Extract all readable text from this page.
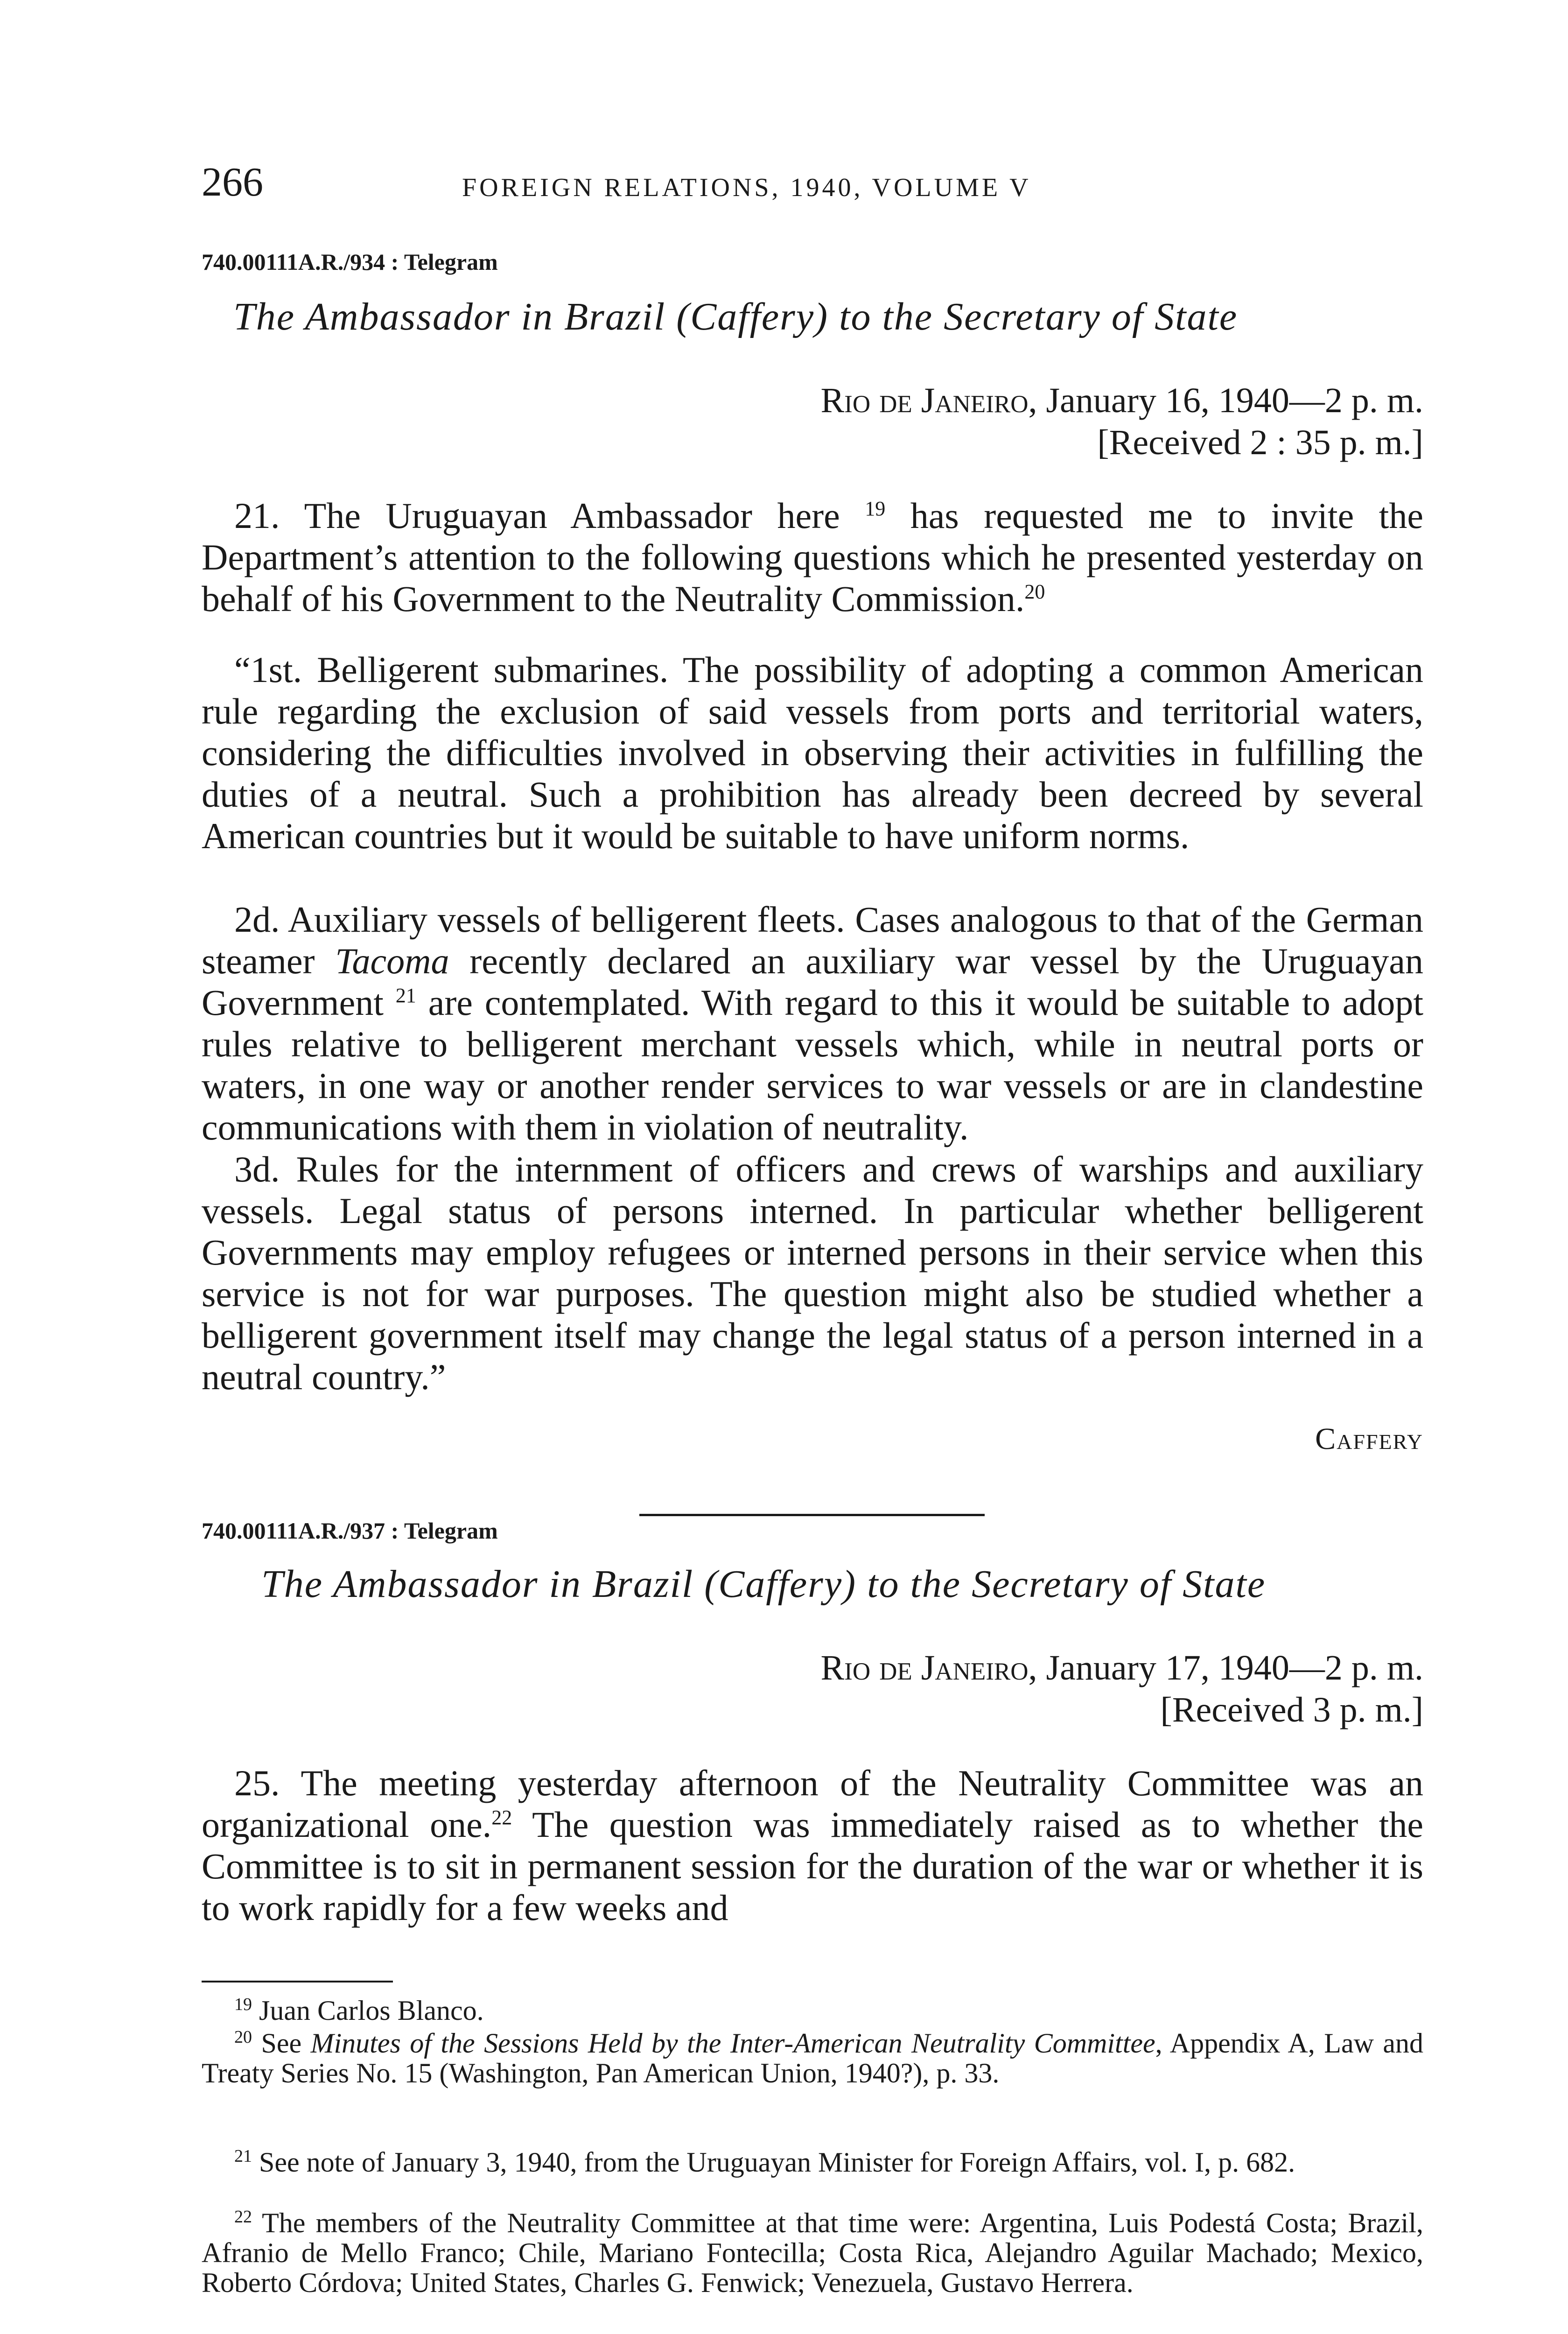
266	FOREIGN RELATIONS, 1940, VOLUME V
740.00111A.R./934 : Telegram
The Ambassador in Brazil (Caffery) to the Secretary of State
Rio de Janeiro, January 16, 1940—2 p. m.
[Received 2 : 35 p. m.]
21. The Uruguayan Ambassador here $^{19}$ has requested me to invite the Department’s attention to the following questions which he presented yesterday on behalf of his Government to the Neutrality Commission.$^{20}$
“1st. Belligerent submarines. The possibility of adopting a common American rule regarding the exclusion of said vessels from ports and territorial waters, considering the difficulties involved in observing their activities in fulfilling the duties of a neutral. Such a prohibition has already been decreed by several American countries but it would be suitable to have uniform norms.
2d. Auxiliary vessels of belligerent fleets. Cases analogous to that of the German steamer Tacoma recently declared an auxiliary war vessel by the Uruguayan Government $^{21}$ are contemplated. With regard to this it would be suitable to adopt rules relative to belligerent merchant vessels which, while in neutral ports or waters, in one way or another render services to war vessels or are in clandestine communications with them in violation of neutrality.
3d. Rules for the internment of officers and crews of warships and auxiliary vessels. Legal status of persons interned. In particular whether belligerent Governments may employ refugees or interned persons in their service when this service is not for war purposes. The question might also be studied whether a belligerent government itself may change the legal status of a person interned in a neutral country.”
Caffery
740.00111A.R./937 : Telegram
The Ambassador in Brazil (Caffery) to the Secretary of State
Rio de Janeiro, January 17, 1940—2 p. m.
[Received 3 p. m.]
25. The meeting yesterday afternoon of the Neutrality Committee was an organizational one.$^{22}$ The question was immediately raised as to whether the Committee is to sit in permanent session for the duration of the war or whether it is to work rapidly for a few weeks and
$^{19}$ Juan Carlos Blanco.
$^{20}$ See Minutes of the Sessions Held by the Inter-American Neutrality Committee, Appendix A, Law and Treaty Series No. 15 (Washington, Pan American Union, 1940?), p. 33.
$^{21}$ See note of January 3, 1940, from the Uruguayan Minister for Foreign Affairs, vol. I, p. 682.
$^{22}$ The members of the Neutrality Committee at that time were: Argentina, Luis Podestá Costa; Brazil, Afranio de Mello Franco; Chile, Mariano Fontecilla; Costa Rica, Alejandro Aguilar Machado; Mexico, Roberto Córdova; United States, Charles G. Fenwick; Venezuela, Gustavo Herrera.
